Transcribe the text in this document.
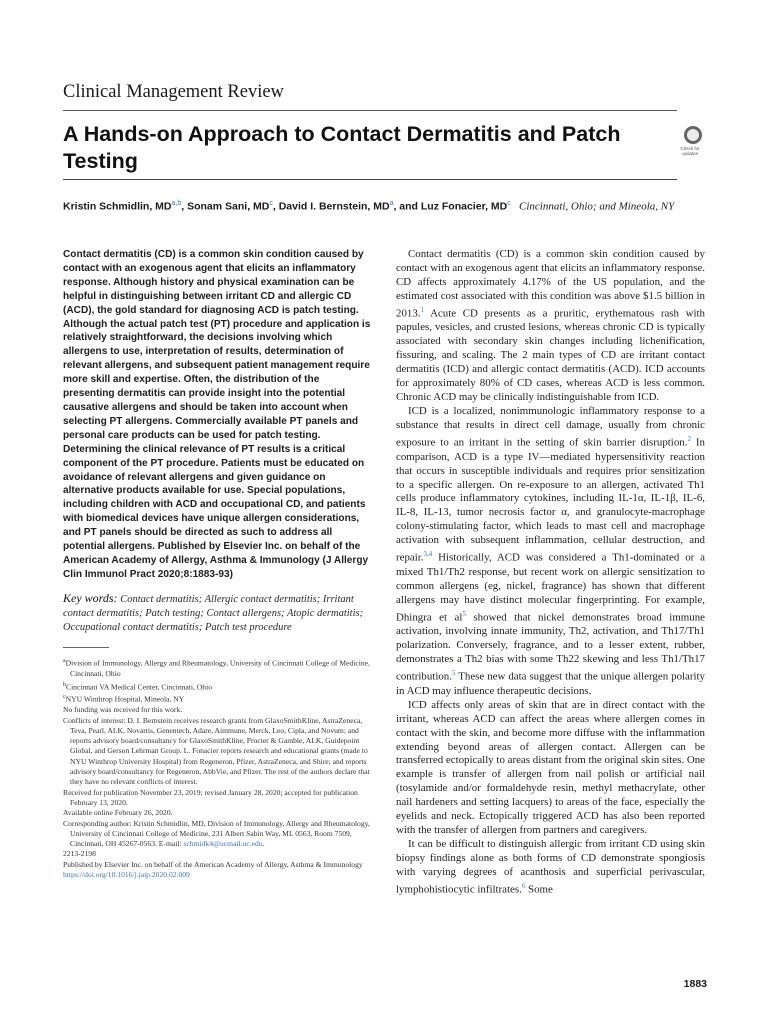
Clinical Management Review
A Hands-on Approach to Contact Dermatitis and Patch Testing
Check for updates
Kristin Schmidlin, MD$^{a,b}$, Sonam Sani, MD$^c$, David I. Bernstein, MD$^a$, and Luz Fonacier, MD$^c$ Cincinnati, Ohio; and Mineola, NY

Contact dermatitis (CD) is a common skin condition caused by contact with an exogenous agent that elicits an inflammatory response. Although history and physical examination can be helpful in distinguishing between irritant CD and allergic CD (ACD), the gold standard for diagnosing ACD is patch testing. Although the actual patch test (PT) procedure and application is relatively straightforward, the decisions involving which allergens to use, interpretation of results, determination of relevant allergens, and subsequent patient management require more skill and expertise. Often, the distribution of the presenting dermatitis can provide insight into the potential causative allergens and should be taken into account when selecting PT allergens. Commercially available PT panels and personal care products can be used for patch testing. Determining the clinical relevance of PT results is a critical component of the PT procedure. Patients must be educated on avoidance of relevant allergens and given guidance on alternative products available for use. Special populations, including children with ACD and occupational CD, and patients with biomedical devices have unique allergen considerations, and PT panels should be directed as such to address all potential allergens. Published by Elsevier Inc. on behalf of the American Academy of Allergy, Asthma & Immunology (J Allergy Clin Immunol Pract 2020;8:1883-93)

Key words: Contact dermatitis; Allergic contact dermatitis; Irritant contact dermatitis; Patch testing; Contact allergens; Atopic dermatitis; Occupational contact dermatitis; Patch test procedure

$^a$Division of Immunology, Allergy and Rheumatology, University of Cincinnati College of Medicine, Cincinnati, Ohio

$^b$Cincinnati VA Medical Center, Cincinnati, Ohio

$^c$NYU Winthrop Hospital, Mineola, NY

No funding was received for this work.

Conflicts of interest: D. I. Bernstein receives research grants from GlaxoSmithKline, AstraZeneca, Teva, Pearl, ALK, Novartis, Genentech, Adare, Aimmune, Merck, Leo, Cipla, and Novum; and reports advisory board/consultancy for GlaxoSmithKline, Procter & Gamble, ALK, Guidepoint Global, and Gerson Lehrman Group. L. Fonacier reports research and educational grants (made to NYU Winthrop University Hospital) from Regeneron, Pfizer, AstraZeneca, and Shire; and reports advisory board/consultancy for Regeneron, AbbVie, and Pfizer. The rest of the authors declare that they have no relevant conflicts of interest.

Received for publication November 23, 2019; revised January 28, 2020; accepted for publication February 13, 2020.

Available online February 26, 2020.

Corresponding author: Kristin Schmidlin, MD, Division of Immunology, Allergy and Rheumatology, University of Cincinnati College of Medicine, 231 Albert Sabin Way, ML 0563, Room 7509, Cincinnati, OH 45267-0563. E-mail: schmidk4@ucmail.uc.edu.

2213-2198

Published by Elsevier Inc. on behalf of the American Academy of Allergy, Asthma & Immunology

https://doi.org/10.1016/j.jaip.2020.02.009

Contact dermatitis (CD) is a common skin condition caused by contact with an exogenous agent that elicits an inflammatory response. CD affects approximately 4.17% of the US population, and the estimated cost associated with this condition was above $1.5 billion in 2013.$^1$ Acute CD presents as a pruritic, erythematous rash with papules, vesicles, and crusted lesions, whereas chronic CD is typically associated with secondary skin changes including lichenification, fissuring, and scaling. The 2 main types of CD are irritant contact dermatitis (ICD) and allergic contact dermatitis (ACD). ICD accounts for approximately 80% of CD cases, whereas ACD is less common. Chronic ACD may be clinically indistinguishable from ICD.

ICD is a localized, nonimmunologic inflammatory response to a substance that results in direct cell damage, usually from chronic exposure to an irritant in the setting of skin barrier disruption.$^2$ In comparison, ACD is a type IV—mediated hypersensitivity reaction that occurs in susceptible individuals and requires prior sensitization to a specific allergen. On re-exposure to an allergen, activated Th1 cells produce inflammatory cytokines, including IL-1α, IL-1β, IL-6, IL-8, IL-13, tumor necrosis factor α, and granulocyte-macrophage colony-stimulating factor, which leads to mast cell and macrophage activation with subsequent inflammation, cellular destruction, and repair.$^{3,4}$ Historically, ACD was considered a Th1-dominated or a mixed Th1/Th2 response, but recent work on allergic sensitization to common allergens (eg, nickel, fragrance) has shown that different allergens may have distinct molecular fingerprinting. For example, Dhingra et al$^5$ showed that nickel demonstrates broad immune activation, involving innate immunity, Th2, activation, and Th17/Th1 polarization. Conversely, fragrance, and to a lesser extent, rubber, demonstrates a Th2 bias with some Th22 skewing and less Th1/Th17 contribution.$^5$ These new data suggest that the unique allergen polarity in ACD may influence therapeutic decisions.

ICD affects only areas of skin that are in direct contact with the irritant, whereas ACD can affect the areas where allergen comes in contact with the skin, and become more diffuse with the inflammation extending beyond areas of allergen contact. Allergen can be transferred ectopically to areas distant from the original skin sites. One example is transfer of allergen from nail polish or artificial nail (tosylamide and/or formaldehyde resin, methyl methacrylate, other nail hardeners and setting lacquers) to areas of the face, especially the eyelids and neck. Ectopically triggered ACD has also been reported with the transfer of allergen from partners and caregivers.

It can be difficult to distinguish allergic from irritant CD using skin biopsy findings alone as both forms of CD demonstrate spongiosis with varying degrees of acanthosis and superficial perivascular, lymphohistiocytic infiltrates.$^6$ Some

1883
